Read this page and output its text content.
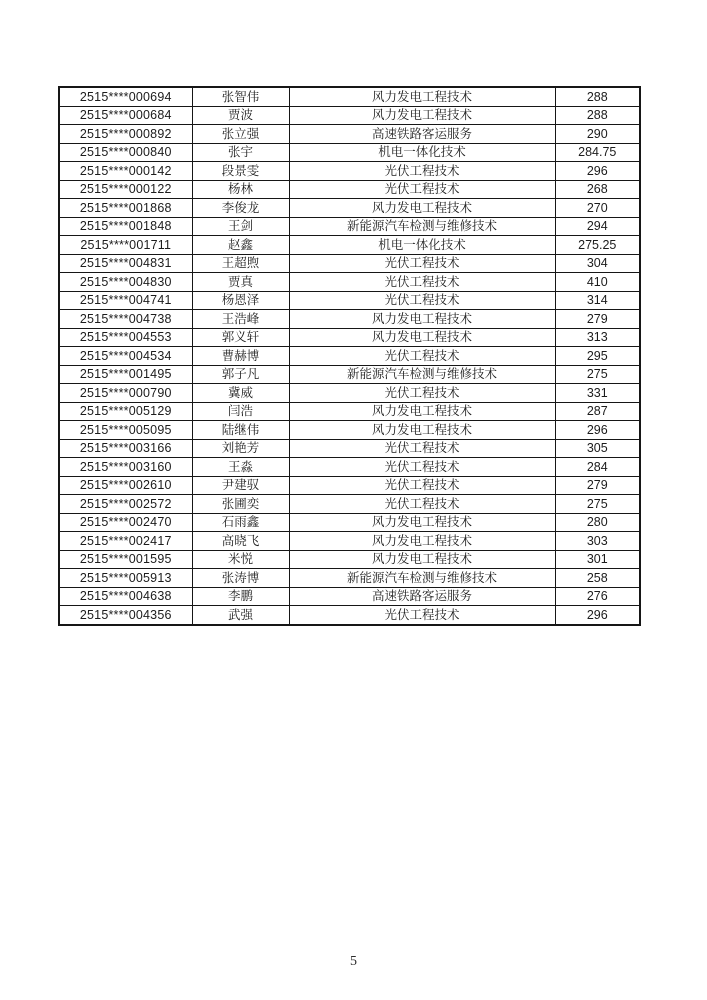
2515****000694	张智伟	风力发电工程技术	288
2515****000684	贾波	风力发电工程技术	288
2515****000892	张立强	高速铁路客运服务	290
2515****000840	张宇	机电一体化技术	284.75
2515****000142	段景雯	光伏工程技术	296
2515****000122	杨林	光伏工程技术	268
2515****001868	李俊龙	风力发电工程技术	270
2515****001848	王剑	新能源汽车检测与维修技术	294
2515****001711	赵鑫	机电一体化技术	275.25
2515****004831	王超煦	光伏工程技术	304
2515****004830	贾真	光伏工程技术	410
2515****004741	杨恩泽	光伏工程技术	314
2515****004738	王浩峰	风力发电工程技术	279
2515****004553	郭义轩	风力发电工程技术	313
2515****004534	曹赫博	光伏工程技术	295
2515****001495	郭子凡	新能源汽车检测与维修技术	275
2515****000790	冀威	光伏工程技术	331
2515****005129	闫浩	风力发电工程技术	287
2515****005095	陆继伟	风力发电工程技术	296
2515****003166	刘艳芳	光伏工程技术	305
2515****003160	王淼	光伏工程技术	284
2515****002610	尹建驭	光伏工程技术	279
2515****002572	张圃奕	光伏工程技术	275
2515****002470	石雨鑫	风力发电工程技术	280
2515****002417	高晓飞	风力发电工程技术	303
2515****001595	米悦	风力发电工程技术	301
2515****005913	张涛博	新能源汽车检测与维修技术	258
2515****004638	李鹏	高速铁路客运服务	276
2515****004356	武强	光伏工程技术	296
5
